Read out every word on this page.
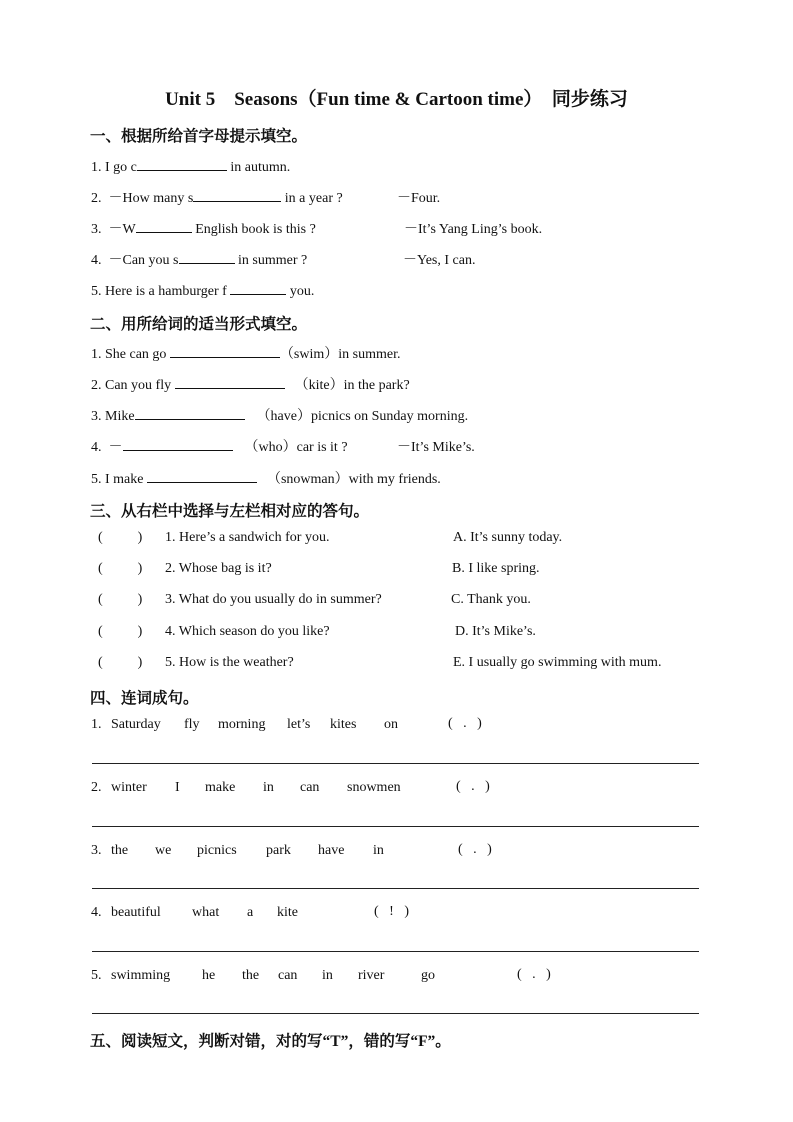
Unit 5    Seasons（Fun time & Cartoon time）  同步练习
一、根据所给首字母提示填空。
1. I go c	in autumn.
2.  －How many s	in a year ?	－Four.
3.  －W	English book is this ?	－It’s Yang Ling’s book.
4.  －Can you s	in summer ?	－Yes, I can.
5. Here is a hamburger f	you.
二、用所给词的适当形式填空。
1. She can go	（swim）in summer.
2. Can you fly	（kite）in the park?
3. Mike	（have）picnics on Sunday morning.
4.  －	（who）car is it ?	－It’s Mike’s.
5. I make	（snowman）with my friends.
三、从右栏中选择与左栏相对应的答句。
(          ) 1. Here’s a sandwich for you.	A. It’s sunny today.
(          ) 2. Whose bag is it?	B. I like spring.
(          ) 3. What do you usually do in summer?	C. Thank you.
(          ) 4. Which season do you like?	D. It’s Mike’s.
(          ) 5. How is the weather?	E. I usually go swimming with mum.
四、连词成句。
1. Saturday fly morning let’s kites on	(   .   )
2. winter I make in can snowmen	(   .   )
3. the we picnics park have in	(   .   )
4. beautiful what a kite	(   !   )
5. swimming he the can in river	go	(   .   )
五、阅读短文，判断对错，对的写“T”，错的写“F”。
